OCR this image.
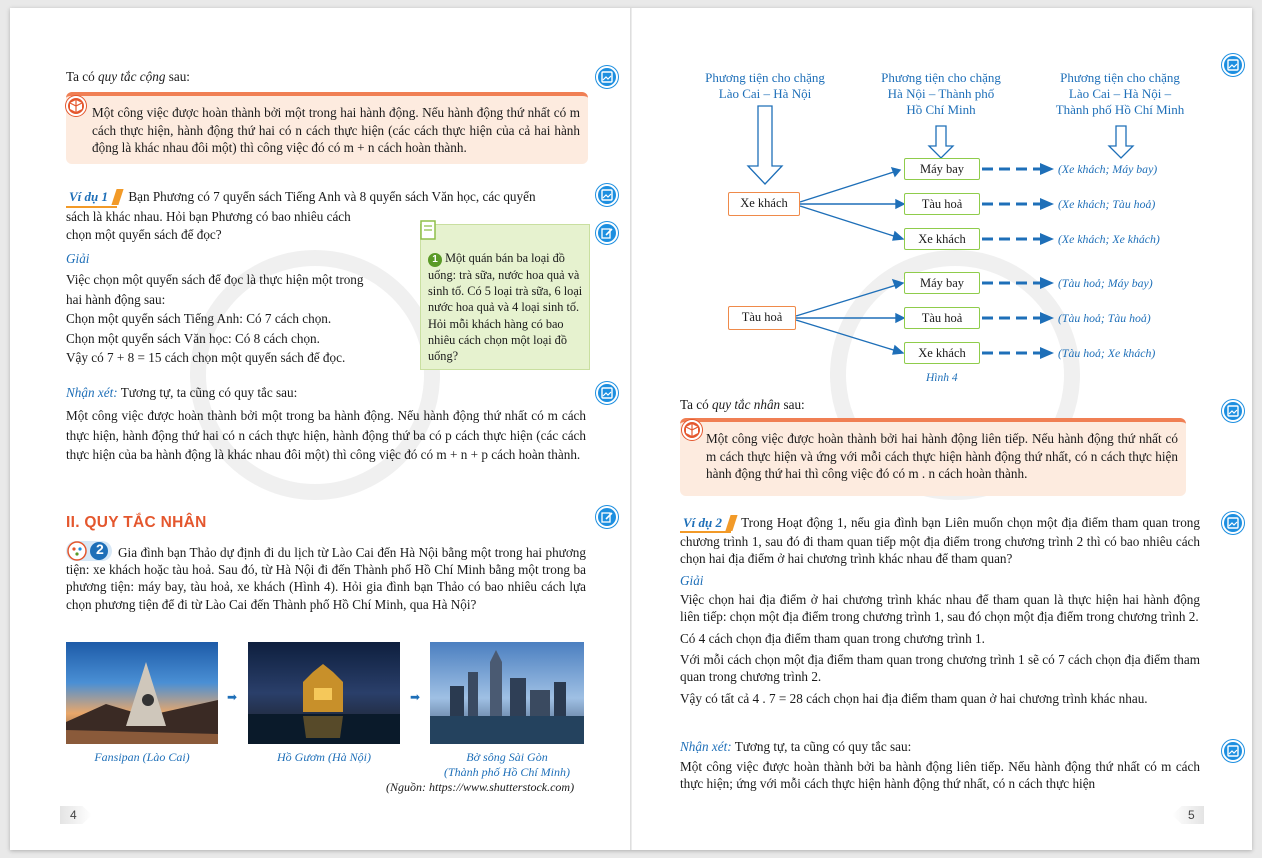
Ta có quy tắc cộng sau:
Một công việc được hoàn thành bởi một trong hai hành động. Nếu hành động thứ nhất có m cách thực hiện, hành động thứ hai có n cách thực hiện (các cách thực hiện của cả hai hành động là khác nhau đôi một) thì công việc đó có m + n cách hoàn thành.
Ví dụ 1 Bạn Phương có 7 quyển sách Tiếng Anh và 8 quyển sách Văn học, các quyển
sách là khác nhau. Hỏi bạn Phương có bao nhiêu cách
chọn một quyển sách để đọc?
Giải
Việc chọn một quyển sách để đọc là thực hiện một trong
hai hành động sau:
Chọn một quyển sách Tiếng Anh: Có 7 cách chọn.
Chọn một quyển sách Văn học: Có 8 cách chọn.
Vậy có 7 + 8 = 15 cách chọn một quyển sách để đọc.
1 Một quán bán ba loại đồ uống: trà sữa, nước hoa quả và sinh tố. Có 5 loại trà sữa, 6 loại nước hoa quả và 4 loại sinh tố. Hỏi mỗi khách hàng có bao nhiêu cách chọn một loại đồ uống?
Nhận xét: Tương tự, ta cũng có quy tắc sau:
Một công việc được hoàn thành bởi một trong ba hành động. Nếu hành động thứ nhất có m cách thực hiện, hành động thứ hai có n cách thực hiện, hành động thứ ba có p cách thực hiện (các cách thực hiện của ba hành động là khác nhau đôi một) thì công việc đó có m + n + p cách hoàn thành.
II. QUY TẮC NHÂN
2	Gia đình bạn Thảo dự định đi du lịch từ Lào Cai đến Hà Nội bằng một trong hai phương tiện: xe khách hoặc tàu hoả. Sau đó, từ Hà Nội đi đến Thành phố Hồ Chí Minh bằng một trong ba phương tiện: máy bay, tàu hoả, xe khách (Hình 4). Hỏi gia đình bạn Thảo có bao nhiêu cách lựa chọn phương tiện để đi từ Lào Cai đến Thành phố Hồ Chí Minh, qua Hà Nội?
➡	➡
Fansipan (Lào Cai)	Hồ Gươm (Hà Nội)	Bờ sông Sài Gòn
(Thành phố Hồ Chí Minh)
(Nguồn: https://www.shutterstock.com)
4
Phương tiện cho chặng
Lào Cai – Hà Nội
Phương tiện cho chặng
Hà Nội – Thành phố
Hồ Chí Minh
Phương tiện cho chặng
Lào Cai – Hà Nội –
Thành phố Hồ Chí Minh
Xe khách
Tàu hoả
Máy bay
Tàu hoả
Xe khách
Máy bay
Tàu hoả
Xe khách
(Xe khách; Máy bay)
(Xe khách; Tàu hoả)
(Xe khách; Xe khách)
(Tàu hoả; Máy bay)
(Tàu hoả; Tàu hoả)
(Tàu hoả; Xe khách)
Hình 4
Ta có quy tắc nhân sau:
Một công việc được hoàn thành bởi hai hành động liên tiếp. Nếu hành động thứ nhất có m cách thực hiện và ứng với mỗi cách thực hiện hành động thứ nhất, có n cách thực hiện hành động thứ hai thì công việc đó có m . n cách hoàn thành.
Ví dụ 2 Trong Hoạt động 1, nếu gia đình bạn Liên muốn chọn một địa điểm tham quan trong chương trình 1, sau đó đi tham quan tiếp một địa điểm trong chương trình 2 thì có bao nhiêu cách chọn hai địa điểm ở hai chương trình khác nhau để tham quan?
Giải
Việc chọn hai địa điểm ở hai chương trình khác nhau để tham quan là thực hiện hai hành động liên tiếp: chọn một địa điểm trong chương trình 1, sau đó chọn một địa điểm trong chương trình 2.
Có 4 cách chọn địa điểm tham quan trong chương trình 1.
Với mỗi cách chọn một địa điểm tham quan trong chương trình 1 sẽ có 7 cách chọn địa điểm tham quan trong chương trình 2.
Vậy có tất cả 4 . 7 = 28 cách chọn hai địa điểm tham quan ở hai chương trình khác nhau.
Nhận xét: Tương tự, ta cũng có quy tắc sau:
Một công việc được hoàn thành bởi ba hành động liên tiếp. Nếu hành động thứ nhất có m cách thực hiện; ứng với mỗi cách thực hiện hành động thứ nhất, có n cách thực hiện
5
